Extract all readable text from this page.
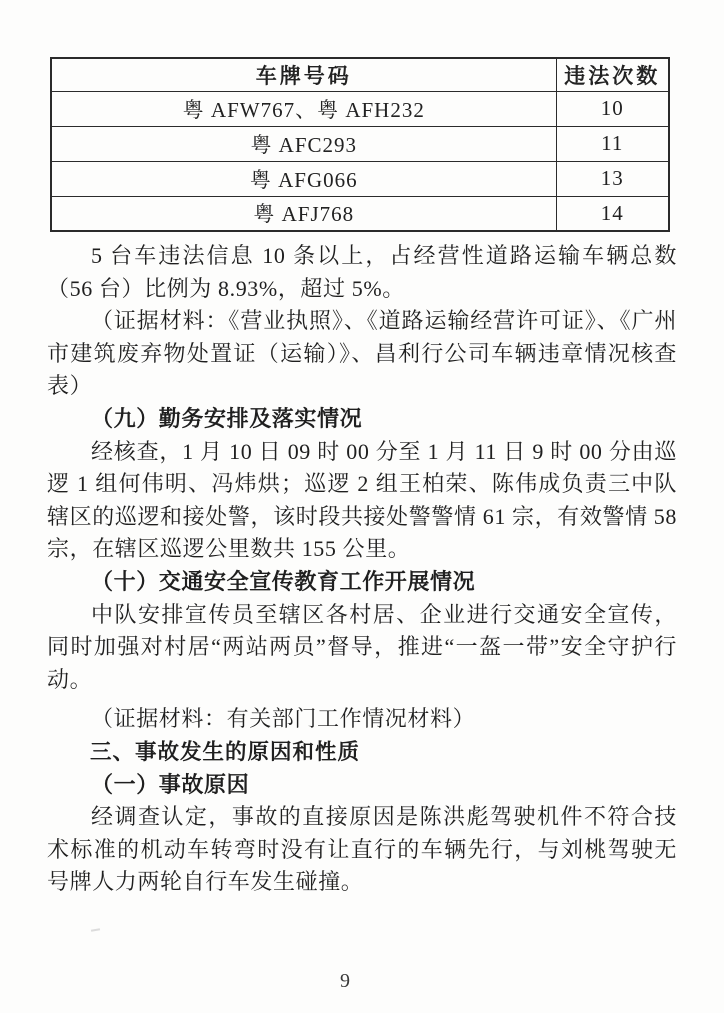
车牌号码	违法次数
粤 AFW767、粤 AFH232	10
粤 AFC293	11
粤 AFG066	13
粤 AFJ768	14

5 台车违法信息 10 条以上，占经营性道路运输车辆总数（56 台）比例为 8.93%，超过 5%。

（证据材料：《营业执照》、《道路运输经营许可证》、《广州市建筑废弃物处置证（运输）》、昌利行公司车辆违章情况核查表）

（九）勤务安排及落实情况

经核查，1 月 10 日 09 时 00 分至 1 月 11 日 9 时 00 分由巡逻 1 组何伟明、冯炜烘；巡逻 2 组王柏荣、陈伟成负责三中队辖区的巡逻和接处警，该时段共接处警警情 61 宗，有效警情 58 宗，在辖区巡逻公里数共 155 公里。

（十）交通安全宣传教育工作开展情况

中队安排宣传员至辖区各村居、企业进行交通安全宣传，同时加强对村居“两站两员”督导，推进“一盔一带”安全守护行动。

（证据材料：有关部门工作情况材料）

三、事故发生的原因和性质

（一）事故原因

经调查认定，事故的直接原因是陈洪彪驾驶机件不符合技术标准的机动车转弯时没有让直行的车辆先行，与刘桃驾驶无号牌人力两轮自行车发生碰撞。

9
